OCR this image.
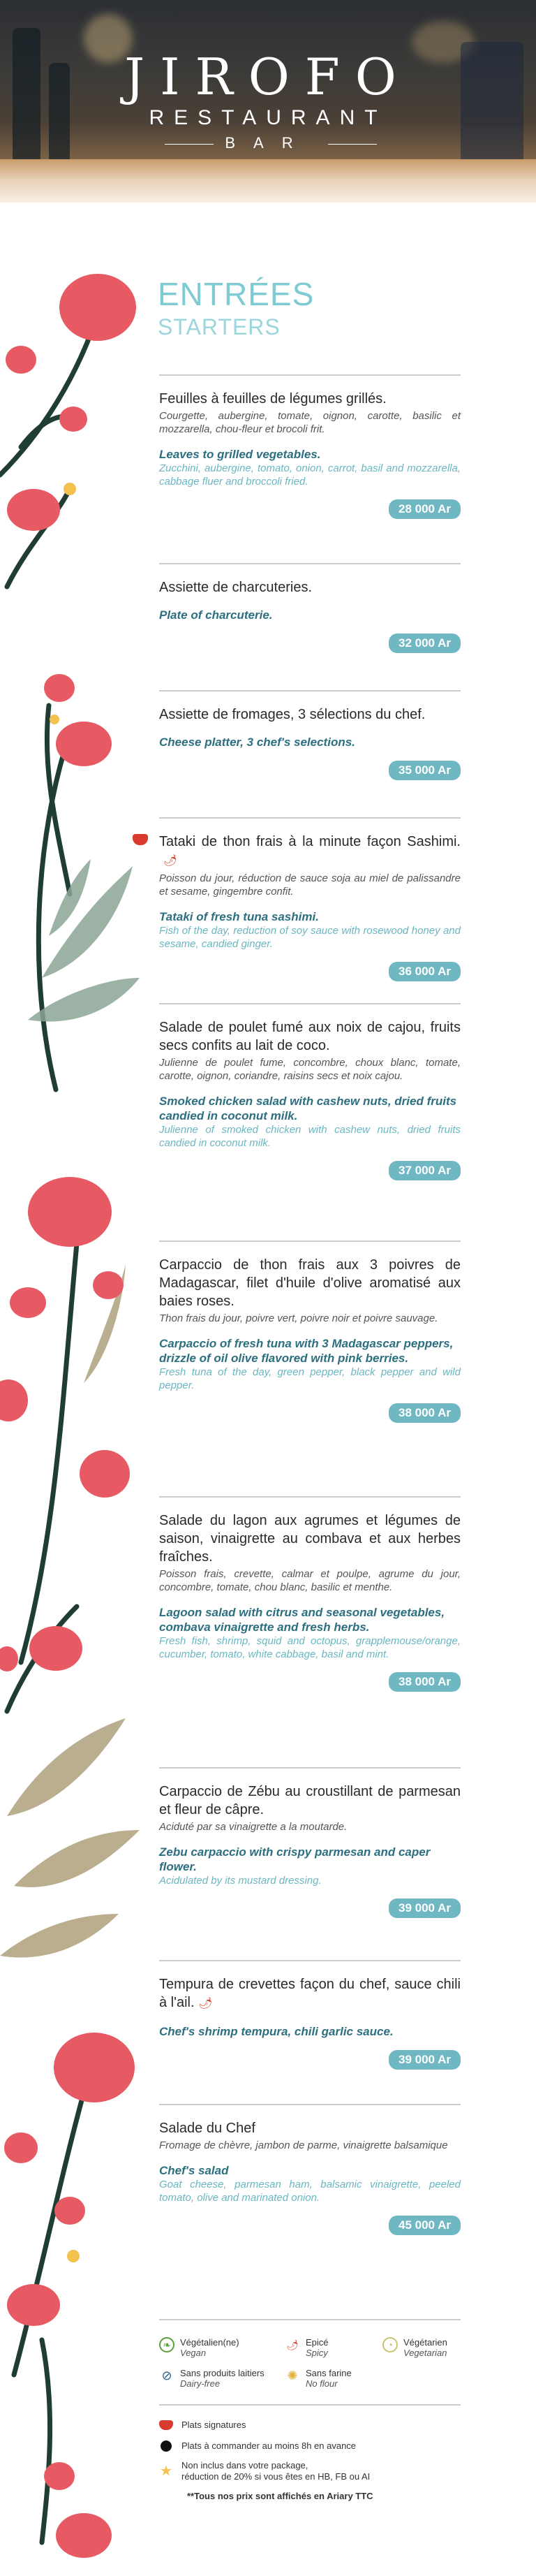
JIROFO
RESTAURANT
BAR
ENTRÉES
STARTERS
Feuilles à feuilles de légumes grillés.
Courgette, aubergine, tomate, oignon, carotte, basilic et mozzarella, chou-fleur et brocoli frit.
Leaves to grilled vegetables.
Zucchini, aubergine, tomato, onion, carrot, basil and mozzarella, cabbage fluer and broccoli fried.
28 000 Ar
Assiette de charcuteries.
Plate of charcuterie.
32 000 Ar
Assiette de fromages, 3 sélections du chef.
Cheese platter, 3 chef's selections.
35 000 Ar
Tataki de thon frais à la minute façon Sashimi.🌶
Poisson du jour, réduction de sauce soja au miel de palissandre et sesame, gingembre confit.
Tataki of fresh tuna sashimi.
Fish of the day, reduction of soy sauce with rosewood honey and sesame, candied ginger.
36 000 Ar
Salade de poulet fumé aux noix de cajou, fruits secs confits au lait de coco.
Julienne de poulet fume, concombre, choux blanc, tomate, carotte, oignon, coriandre, raisins secs et noix cajou.
Smoked chicken salad with cashew nuts, dried fruits candied in coconut milk.
Julienne of smoked chicken with cashew nuts, dried fruits candied in coconut milk.
37 000 Ar
Carpaccio de thon frais aux 3 poivres de Madagascar, filet d'huile d'olive aromatisé aux baies roses.
Thon frais du jour, poivre vert, poivre noir et poivre sauvage.
Carpaccio of fresh tuna with 3 Madagascar peppers, drizzle of oil olive flavored with pink berries.
Fresh tuna of the day, green pepper, black pepper and wild pepper.
38 000 Ar
Salade du lagon aux agrumes et légumes de saison, vinaigrette au combava et aux herbes fraîches.
Poisson frais, crevette, calmar et poulpe, agrume du jour, concombre, tomate, chou blanc, basilic et menthe.
Lagoon salad with citrus and seasonal vegetables, combava vinaigrette and fresh herbs.
Fresh fish, shrimp, squid and octopus, grapplemouse/orange, cucumber, tomato, white cabbage, basil and mint.
38 000 Ar
Carpaccio de Zébu au croustillant de parmesan et fleur de câpre.
Aciduté par sa vinaigrette a la moutarde.
Zebu carpaccio with crispy parmesan and caper flower.
Acidulated by its mustard dressing.
39 000 Ar
Tempura de crevettes façon du chef, sauce chili à l'ail. 🌶
Chef's shrimp tempura, chili garlic sauce.
39 000 Ar
Salade du Chef
Fromage de chèvre, jambon de parme, vinaigrette balsamique
Chef's salad
Goat cheese, parmesan ham, balsamic vinaigrette, peeled tomato, olive and marinated onion.
45 000 Ar
❧	Végétalien(ne)
Vegan
🌶 Epicé
Spicy
◔	Végétarien
Vegetarian
⊘ Sans produits laitiers
Dairy-free
✺ Sans farine
No flour
Plats signatures
Plats à commander au moins 8h en avance
★ Non inclus dans votre package,
réduction de 20% si vous êtes en HB, FB ou AI
**Tous nos prix sont affichés en Ariary TTC
